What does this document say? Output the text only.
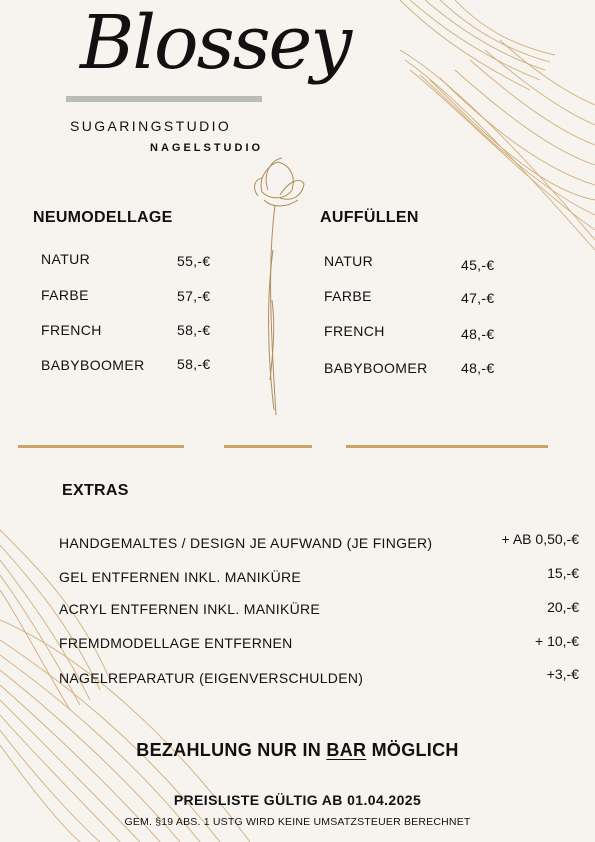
Blossey
SUGARINGSTUDIO
NAGELSTUDIO
NEUMODELLAGE
NATUR	55,-€
FARBE	57,-€
FRENCH	58,-€
BABYBOOMER 58,-€
AUFFÜLLEN
NATUR	45,-€
FARBE	47,-€
FRENCH	48,-€
BABYBOOMER 48,-€
EXTRAS
HANDGEMALTES / DESIGN JE AUFWAND (JE FINGER)	+ AB 0,50,-€
GEL ENTFERNEN INKL. MANIKÜRE	15,-€
ACRYL ENTFERNEN INKL. MANIKÜRE	20,-€
FREMDMODELLAGE ENTFERNEN	+ 10,-€
NAGELREPARATUR (EIGENVERSCHULDEN)	+3,-€
BEZAHLUNG NUR IN BAR MÖGLICH
PREISLISTE GÜLTIG AB 01.04.2025
GEM. §19 ABS. 1 USTG WIRD KEINE UMSATZSTEUER BERECHNET
